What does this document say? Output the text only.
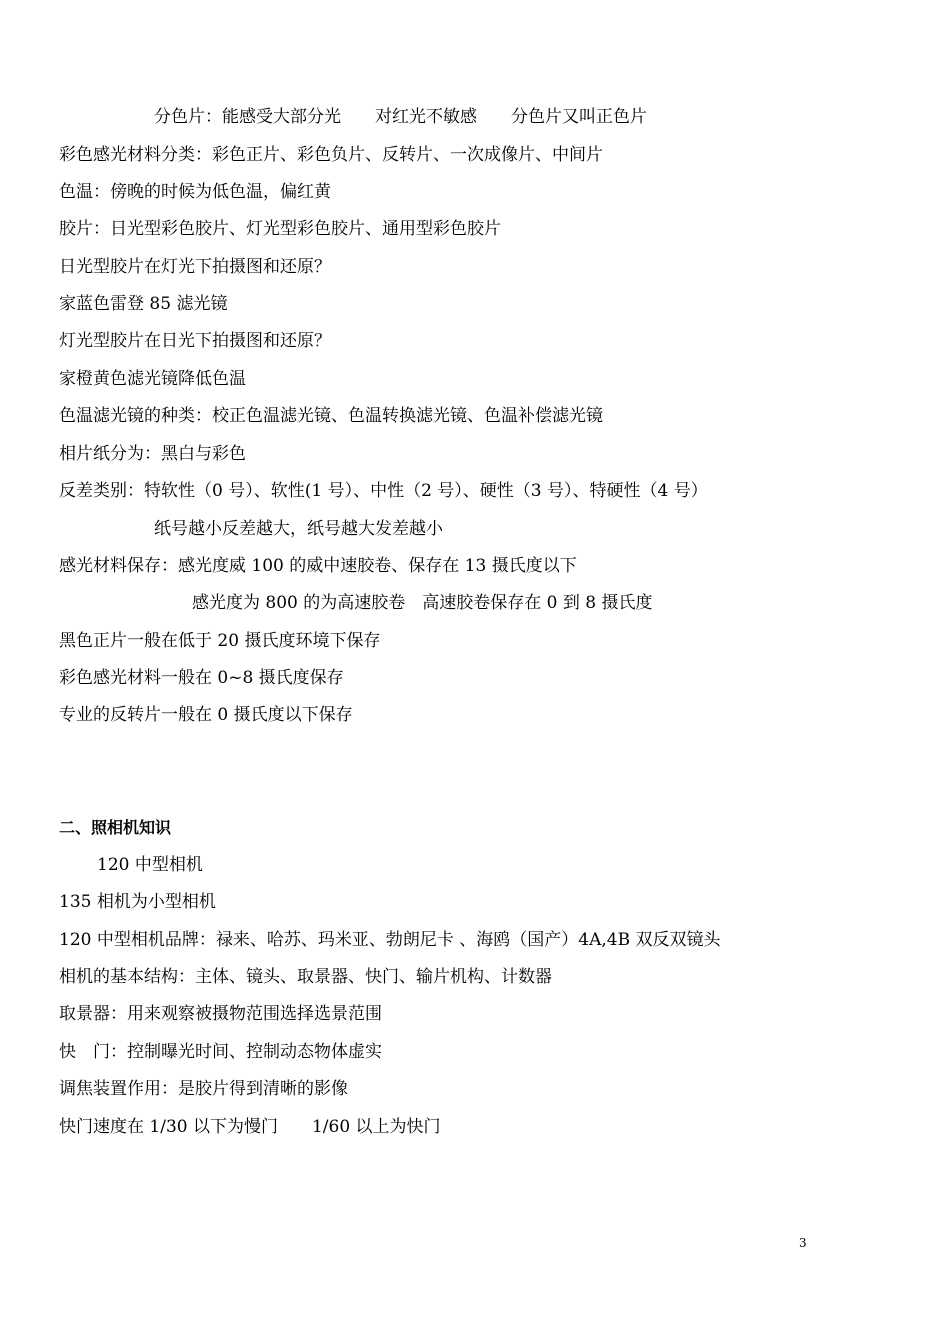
分色片：能感受大部分光　　对红光不敏感　　分色片又叫正色片
彩色感光材料分类：彩色正片、彩色负片、反转片、一次成像片、中间片
色温：傍晚的时候为低色温，偏红黄
胶片：日光型彩色胶片、灯光型彩色胶片、通用型彩色胶片
日光型胶片在灯光下拍摄图和还原？
家蓝色雷登 85 滤光镜
灯光型胶片在日光下拍摄图和还原？
家橙黄色滤光镜降低色温
色温滤光镜的种类：校正色温滤光镜、色温转换滤光镜、色温补偿滤光镜
相片纸分为：黑白与彩色
反差类别：特软性（0 号）、软性(1 号）、中性（2 号）、硬性（3 号）、特硬性（4 号）
纸号越小反差越大，纸号越大发差越小
感光材料保存：感光度威 100 的威中速胶卷、保存在 13 摄氏度以下
感光度为 800 的为高速胶卷　高速胶卷保存在 0 到 8 摄氏度
黑色正片一般在低于 20 摄氏度环境下保存
彩色感光材料一般在 0~8 摄氏度保存
专业的反转片一般在 0 摄氏度以下保存
二、照相机知识
120 中型相机
135 相机为小型相机
120 中型相机品牌：禄来、哈苏、玛米亚、勃朗尼卡 、海鸥（国产）4A,4B 双反双镜头
相机的基本结构：主体、镜头、取景器、快门、输片机构、计数器
取景器：用来观察被摄物范围选择选景范围
快　门：控制曝光时间、控制动态物体虚实
调焦装置作用：是胶片得到清晰的影像
快门速度在 1/30 以下为慢门　　1/60 以上为快门
3
